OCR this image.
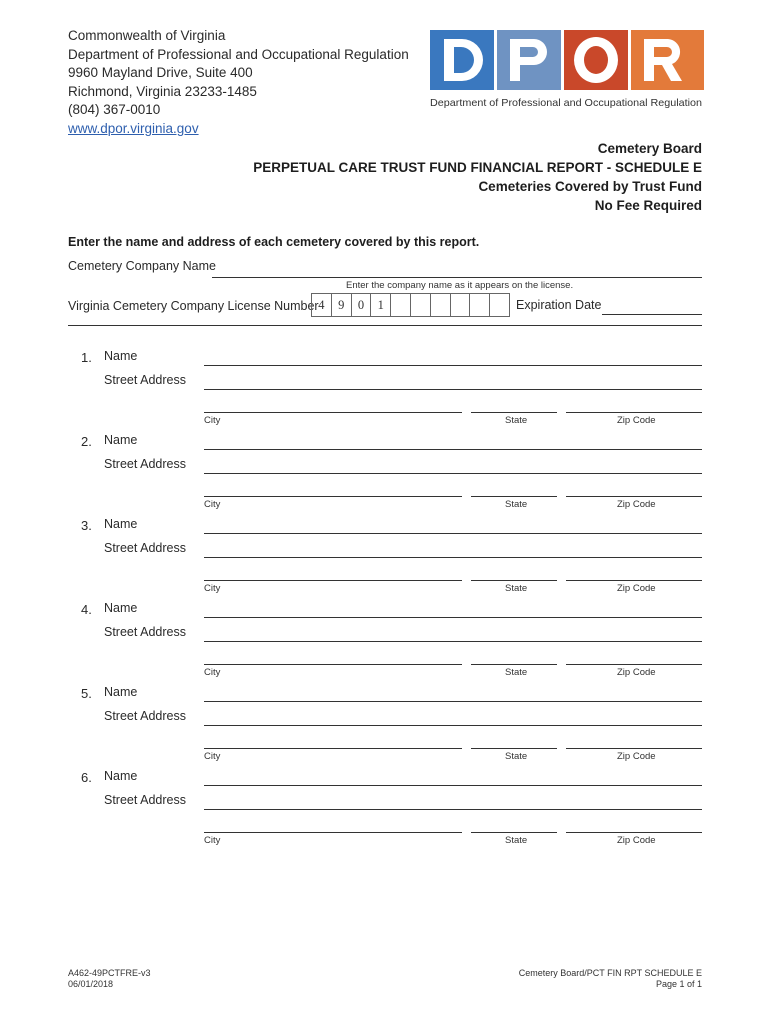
Commonwealth of Virginia
Department of Professional and Occupational Regulation
9960 Mayland Drive, Suite 400
Richmond, Virginia 23233-1485
(804) 367-0010
www.dpor.virginia.gov
Department of Professional and Occupational Regulation
Cemetery Board
PERPETUAL CARE TRUST FUND FINANCIAL REPORT - SCHEDULE E
Cemeteries Covered by Trust Fund
No Fee Required
Enter the name and address of each cemetery covered by this report.
Cemetery Company Name
Enter the company name as it appears on the license.
Virginia Cemetery Company License Number 4	9	0	1	Expiration Date
1. Name
Street Address
City	State	Zip Code
2. Name
Street Address
City	State	Zip Code
3. Name
Street Address
City	State	Zip Code
4. Name
Street Address
City	State	Zip Code
5. Name
Street Address
City	State	Zip Code
6. Name
Street Address
City	State	Zip Code
A462-49PCTFRE-v3
06/01/2018
Cemetery Board/PCT FIN RPT SCHEDULE E
Page 1 of 1
